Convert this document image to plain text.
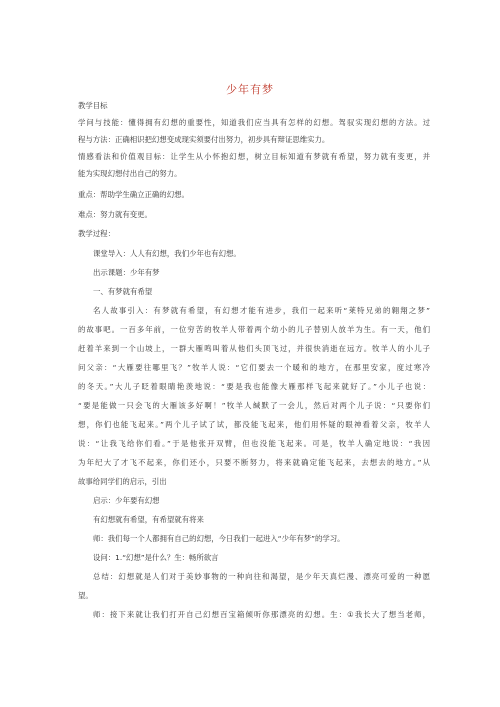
少年有梦
教学目标
学问与技能：懂得拥有幻想的重要性，知道我们应当具有怎样的幻想。驾驭实现幻想的方法。过
程与方法：正确相识把幻想变成现实须要付出努力，初步具有辩证思维实力。
情感看法和价值观目标：让学生从小怀抱幻想，树立目标知道有梦就有希望，努力就有变更，并
能为实现幻想付出自己的努力。
重点：帮助学生确立正确的幻想。
难点：努力就有变更。
教学过程：
课堂导入：人人有幻想，我们少年也有幻想。
出示课题：少年有梦
一、有梦就有希望
名人故事引入：有梦就有希望，有幻想才能有进步，我们一起来听“莱特兄弟的翱翔之梦”
的故事吧。一百多年前，一位穷苦的牧羊人带着两个幼小的儿子替别人放羊为生。有一天，他们
赶着羊来到一个山坡上，一群大雁鸣叫着从他们头顶飞过，并很快消逝在远方。牧羊人的小儿子
问父亲：“大雁要往哪里飞？”牧羊人说：“它们要去一个暖和的地方，在那里安家，度过寒冷
的冬天。”大儿子眨着眼睛艳羡地说：“要是我也能像大雁那样飞起来就好了。”小儿子也说：
“要是能做一只会飞的大雁该多好啊！”牧羊人缄默了一会儿，然后对两个儿子说：“只要你们
想，你们也能飞起来。”两个儿子试了试，都没能飞起来，他们用怀疑的眼神看着父亲，牧羊人
说：“让我飞给你们看。”于是他张开双臂，但也没能飞起来。可是，牧羊人确定地说：“我因
为年纪大了才飞不起来，你们还小，只要不断努力，将来就确定能飞起来，去想去的地方。”从
故事给同学们的启示，引出
启示：少年要有幻想
有幻想就有希望，有希望就有将来
师：我们每一个人都拥有自己的幻想，今日我们一起进入“少年有梦”的学习。
设问：1.“幻想”是什么？生：畅所欲言
总结：幻想就是人们对于美妙事物的一种向往和渴望，是少年天真烂漫、漂亮可爱的一种愿
望。
师：接下来就让我们打开自己幻想百宝箱倾听你那漂亮的幻想。生：①我长大了想当老师，
